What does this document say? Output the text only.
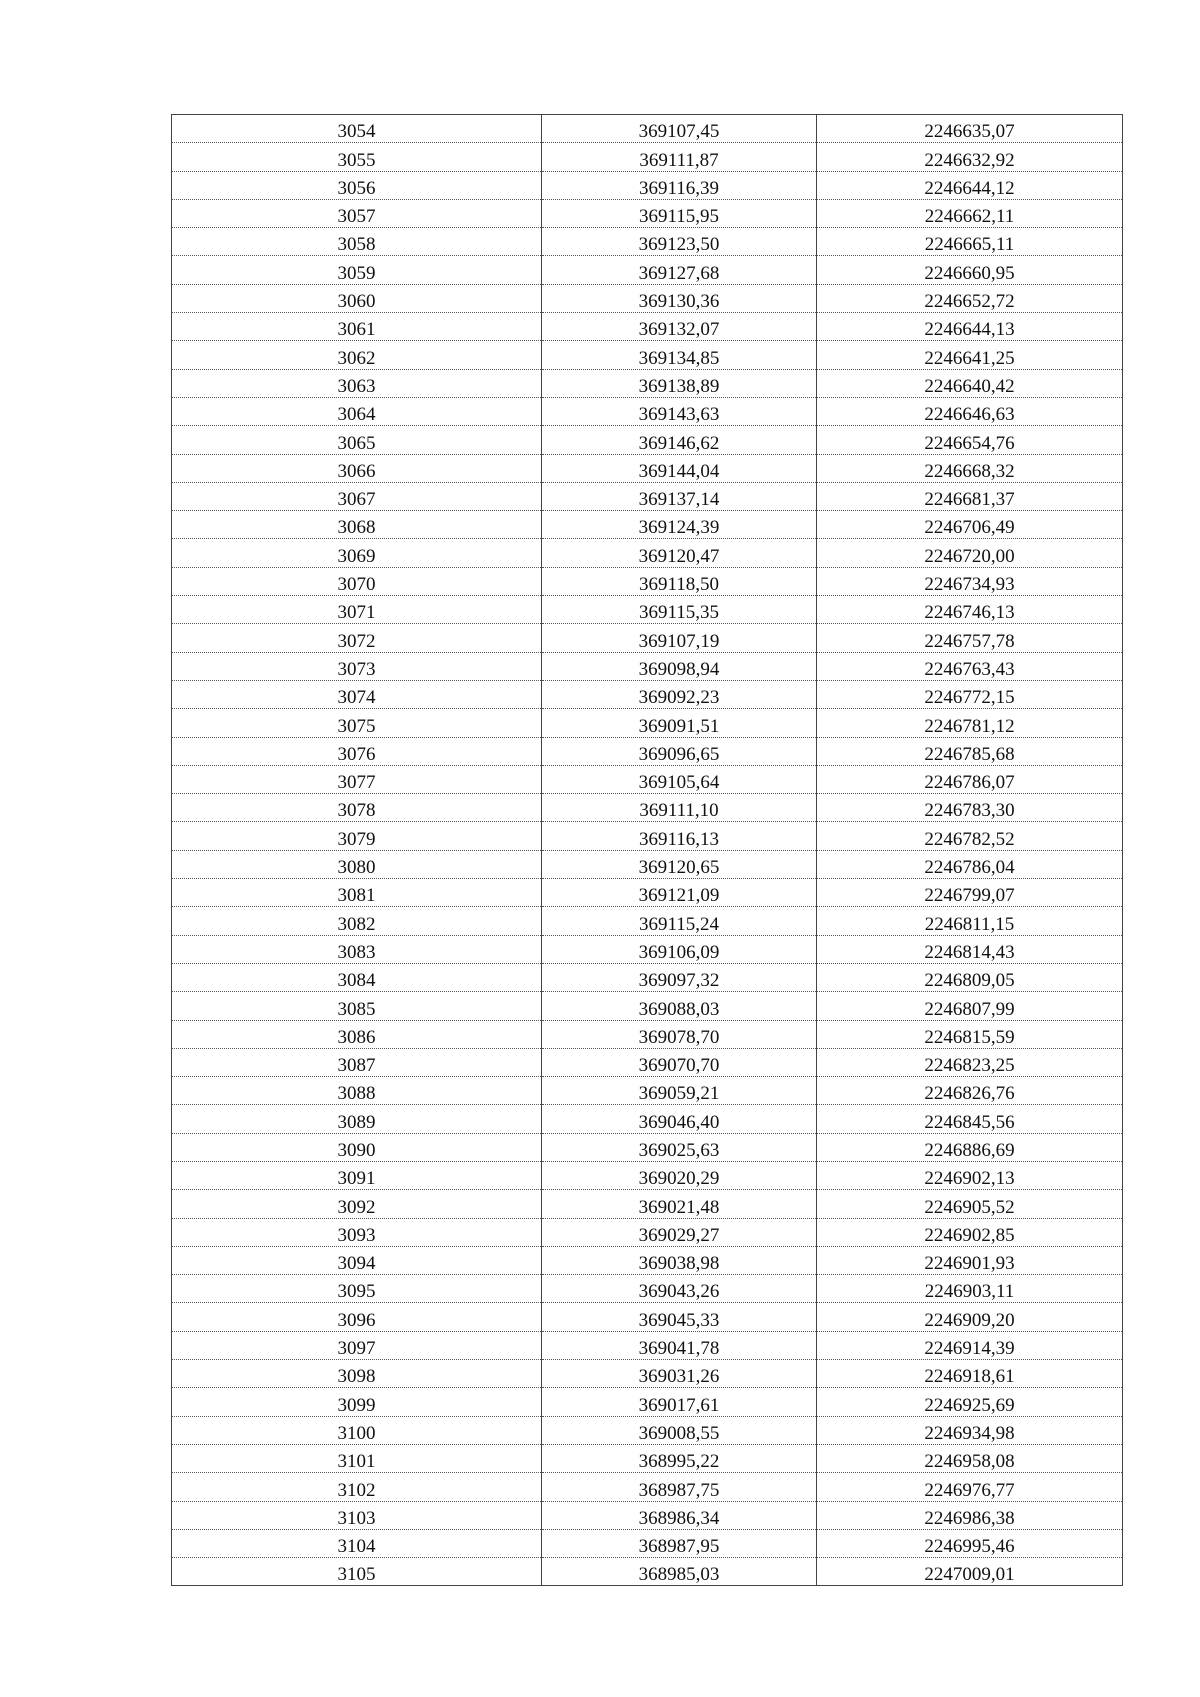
3054	369107,45	2246635,07
3055	369111,87	2246632,92
3056	369116,39	2246644,12
3057	369115,95	2246662,11
3058	369123,50	2246665,11
3059	369127,68	2246660,95
3060	369130,36	2246652,72
3061	369132,07	2246644,13
3062	369134,85	2246641,25
3063	369138,89	2246640,42
3064	369143,63	2246646,63
3065	369146,62	2246654,76
3066	369144,04	2246668,32
3067	369137,14	2246681,37
3068	369124,39	2246706,49
3069	369120,47	2246720,00
3070	369118,50	2246734,93
3071	369115,35	2246746,13
3072	369107,19	2246757,78
3073	369098,94	2246763,43
3074	369092,23	2246772,15
3075	369091,51	2246781,12
3076	369096,65	2246785,68
3077	369105,64	2246786,07
3078	369111,10	2246783,30
3079	369116,13	2246782,52
3080	369120,65	2246786,04
3081	369121,09	2246799,07
3082	369115,24	2246811,15
3083	369106,09	2246814,43
3084	369097,32	2246809,05
3085	369088,03	2246807,99
3086	369078,70	2246815,59
3087	369070,70	2246823,25
3088	369059,21	2246826,76
3089	369046,40	2246845,56
3090	369025,63	2246886,69
3091	369020,29	2246902,13
3092	369021,48	2246905,52
3093	369029,27	2246902,85
3094	369038,98	2246901,93
3095	369043,26	2246903,11
3096	369045,33	2246909,20
3097	369041,78	2246914,39
3098	369031,26	2246918,61
3099	369017,61	2246925,69
3100	369008,55	2246934,98
3101	368995,22	2246958,08
3102	368987,75	2246976,77
3103	368986,34	2246986,38
3104	368987,95	2246995,46
3105	368985,03	2247009,01
